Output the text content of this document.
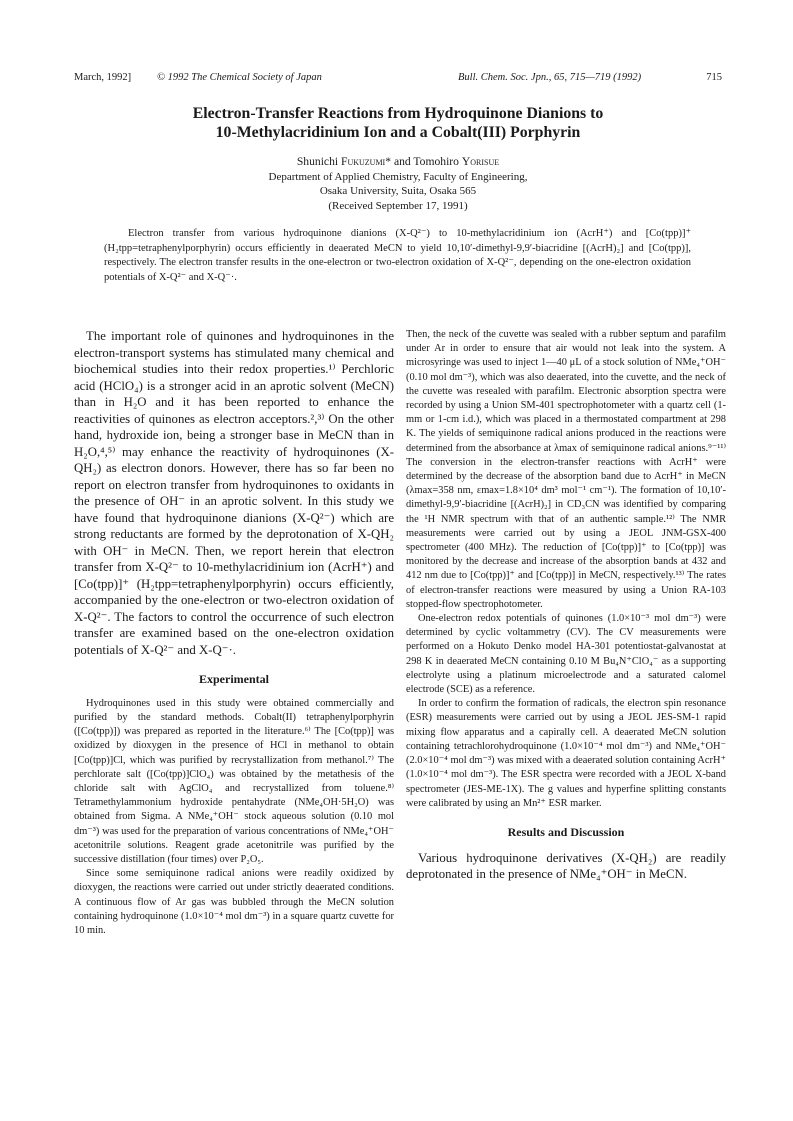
March, 1992] © 1992 The Chemical Society of Japan	Bull. Chem. Soc. Jpn., 65, 715—719 (1992)	715
Electron-Transfer Reactions from Hydroquinone Dianions to
10-Methylacridinium Ion and a Cobalt(III) Porphyrin
Shunichi Fukuzumi* and Tomohiro Yorisue
Department of Applied Chemistry, Faculty of Engineering,
Osaka University, Suita, Osaka 565
(Received September 17, 1991)

Electron transfer from various hydroquinone dianions (X-Q²⁻) to 10-methylacridinium ion (AcrH⁺) and [Co(tpp)]⁺ (H₂tpp=tetraphenylporphyrin) occurs efficiently in deaerated MeCN to yield 10,10′-dimethyl-9,9′-biacridine [(AcrH)₂] and [Co(tpp)], respectively. The electron transfer results in the one-electron or two-electron oxidation of X-Q²⁻, depending on the one-electron oxidation potentials of X-Q²⁻ and X-Q⁻·.

The important role of quinones and hydroquinones in the electron-transport systems has stimulated many chemical and biochemical studies into their redox properties.¹⁾ Perchloric acid (HClO₄) is a stronger acid in an aprotic solvent (MeCN) than in H₂O and it has been reported to enhance the reactivities of quinones as electron acceptors.²,³⁾ On the other hand, hydroxide ion, being a stronger base in MeCN than in H₂O,⁴,⁵⁾ may enhance the reactivity of hydroquinones (X-QH₂) as electron donors. However, there has so far been no report on electron transfer from hydroquinones to oxidants in the presence of OH⁻ in an aprotic solvent. In this study we have found that hydroquinone dianions (X-Q²⁻) which are strong reductants are formed by the deprotonation of X-QH₂ with OH⁻ in MeCN. Then, we report herein that electron transfer from X-Q²⁻ to 10-methylacridinium ion (AcrH⁺) and [Co(tpp)]⁺ (H₂tpp=tetraphenylporphyrin) occurs efficiently, accompanied by the one-electron or two-electron oxidation of X-Q²⁻. The factors to control the occurrence of such electron transfer are examined based on the one-electron oxidation potentials of X-Q²⁻ and X-Q⁻·.

Experimental

Hydroquinones used in this study were obtained commercially and purified by the standard methods. Cobalt(II) tetraphenylporphyrin ([Co(tpp)]) was prepared as reported in the literature.⁶⁾ The [Co(tpp)] was oxidized by dioxygen in the presence of HCl in methanol to obtain [Co(tpp)]Cl, which was purified by recrystallization from methanol.⁷⁾ The perchlorate salt ([Co(tpp)]ClO₄) was obtained by the metathesis of the chloride salt with AgClO₄ and recrystallized from toluene.⁸⁾ Tetramethylammonium hydroxide pentahydrate (NMe₄OH·5H₂O) was obtained from Sigma. A NMe₄⁺OH⁻ stock aqueous solution (0.10 mol dm⁻³) was used for the preparation of various concentrations of NMe₄⁺OH⁻ acetonitrile solutions. Reagent grade acetonitrile was purified by the successive distillation (four times) over P₂O₅.

Since some semiquinone radical anions were readily oxidized by dioxygen, the reactions were carried out under strictly deaerated conditions. A continuous flow of Ar gas was bubbled through the MeCN solution containing hydroquinone (1.0×10⁻⁴ mol dm⁻³) in a square quartz cuvette for 10 min.

Then, the neck of the cuvette was sealed with a rubber septum and parafilm under Ar in order to ensure that air would not leak into the system. A microsyringe was used to inject 1—40 μL of a stock solution of NMe₄⁺OH⁻ (0.10 mol dm⁻³), which was also deaerated, into the cuvette, and the neck of the cuvette was resealed with parafilm. Electronic absorption spectra were recorded by using a Union SM-401 spectrophotometer with a quartz cell (1-mm or 1-cm i.d.), which was placed in a thermostated compartment at 298 K. The yields of semiquinone radical anions produced in the reactions were determined from the absorbance at λmax of semiquinone radical anions.⁹⁻¹¹⁾ The conversion in the electron-transfer reactions with AcrH⁺ were determined by the decrease of the absorption band due to AcrH⁺ in MeCN (λmax=358 nm, εmax=1.8×10⁴ dm³ mol⁻¹ cm⁻¹). The formation of 10,10′-dimethyl-9,9′-biacridine [(AcrH)₂] in CD₃CN was identified by comparing the ¹H NMR spectrum with that of an authentic sample.¹²⁾ The NMR measurements were carried out by using a JEOL JNM-GSX-400 spectrometer (400 MHz). The reduction of [Co(tpp)]⁺ to [Co(tpp)] was monitored by the decrease and increase of the absorption bands at 432 and 412 nm due to [Co(tpp)]⁺ and [Co(tpp)] in MeCN, respectively.¹³⁾ The rates of electron-transfer reactions were measured by using a Union RA-103 stopped-flow spectrophotometer.

One-electron redox potentials of quinones (1.0×10⁻³ mol dm⁻³) were determined by cyclic voltammetry (CV). The CV measurements were performed on a Hokuto Denko model HA-301 potentiostat-galvanostat at 298 K in deaerated MeCN containing 0.10 M Bu₄N⁺ClO₄⁻ as a supporting electrolyte using a platinum microelectrode and a saturated calomel electrode (SCE) as a reference.

In order to confirm the formation of radicals, the electron spin resonance (ESR) measurements were carried out by using a JEOL JES-SM-1 rapid mixing flow apparatus and a capirally cell. A deaerated MeCN solution containing tetrachlorohydroquinone (1.0×10⁻⁴ mol dm⁻³) and NMe₄⁺OH⁻ (2.0×10⁻⁴ mol dm⁻³) was mixed with a deaerated solution containing AcrH⁺ (1.0×10⁻⁴ mol dm⁻³). The ESR spectra were recorded with a JEOL X-band spectrometer (JES-ME-1X). The g values and hyperfine splitting constants were calibrated by using an Mn²⁺ ESR marker.

Results and Discussion

Various hydroquinone derivatives (X-QH₂) are readily deprotonated in the presence of NMe₄⁺OH⁻ in MeCN.
